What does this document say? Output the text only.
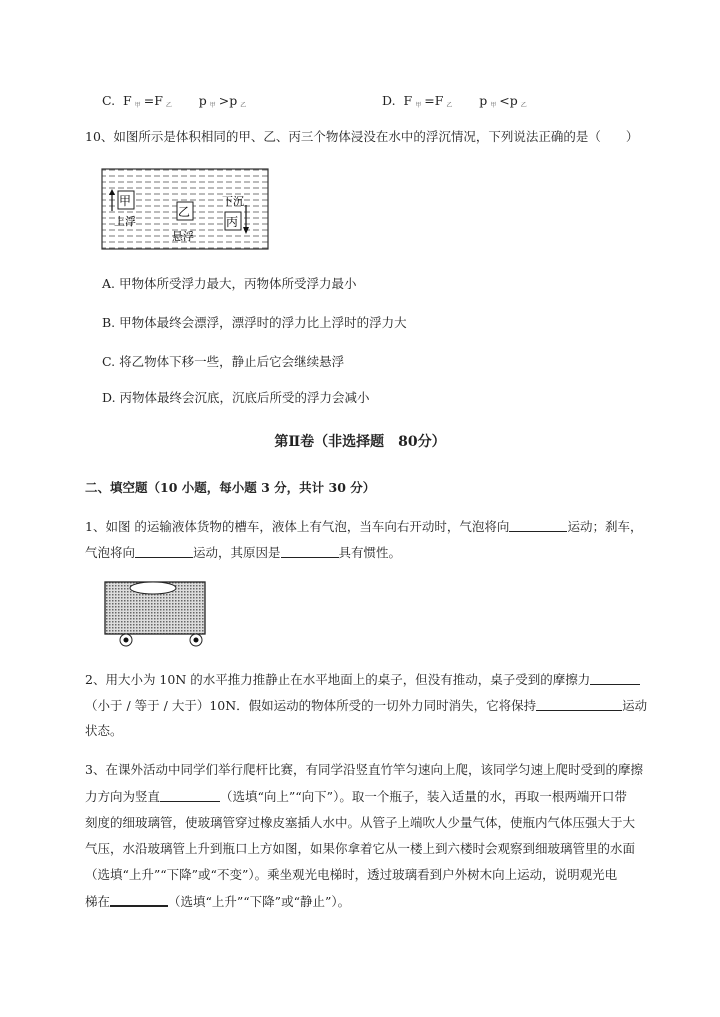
C. F $_甲$ =F $_乙$ p $_甲$ >p $_乙$	D. F $_甲$ =F $_乙$ p $_甲$ <p $_乙$
10、如图所示是体积相同的甲、乙、丙三个物体浸没在水中的浮沉情况，下列说法正确的是（　　）
甲
乙
丙
上浮
悬浮
下沉
A. 甲物体所受浮力最大，丙物体所受浮力最小
B. 甲物体最终会漂浮，漂浮时的浮力比上浮时的浮力大
C. 将乙物体下移一些，静止后它会继续悬浮
D. 丙物体最终会沉底，沉底后所受的浮力会减小
第Ⅱ卷（非选择题　80分）
二、填空题（10 小题，每小题 3 分，共计 30 分）
1、如图 的运输液体货物的槽车，液体上有气泡，当车向右开动时，气泡将向	运动；刹车，
气泡将向	运动，其原因是	具有惯性。
2、用大小为 10N 的水平推力推静止在水平地面上的桌子，但没有推动，桌子受到的摩擦力
（小于 / 等于 / 大于）10N．假如运动的物体所受的一切外力同时消失，它将保持	运动
状态。
3、在课外活动中同学们举行爬杆比赛，有同学沿竖直竹竿匀速向上爬，该同学匀速上爬时受到的摩擦
力方向为竖直	（选填“向上”“向下”）。取一个瓶子，装入适量的水，再取一根两端开口带
刻度的细玻璃管，使玻璃管穿过橡皮塞插人水中。从管子上端吹人少量气体，使瓶内气体压强大于大
气压，水沿玻璃管上升到瓶口上方如图，如果你拿着它从一楼上到六楼时会观察到细玻璃管里的水面
（选填“上升”“下降”或“不变”）。乘坐观光电梯时，透过玻璃看到户外树木向上运动，说明观光电
梯在	（选填“上升”“下降”或“静止”）。
